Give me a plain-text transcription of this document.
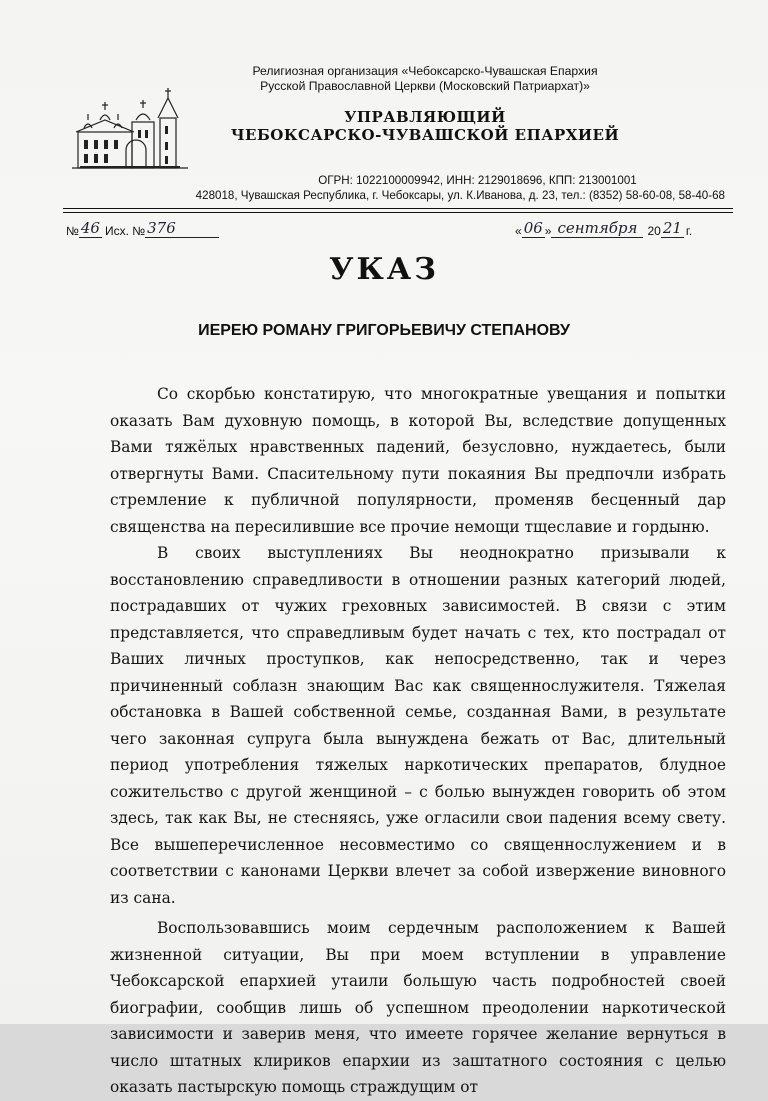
Религиозная организация «Чебоксарско-Чувашская Епархия
Русской Православной Церкви (Московский Патриархат)»
УПРАВЛЯЮЩИЙ
ЧЕБОКСАРСКО-ЧУВАШСКОЙ ЕПАРХИЕЙ
ОГРН: 1022100009942, ИНН: 2129018696, КПП: 213001001
428018, Чувашская Республика, г. Чебоксары, ул. К.Иванова, д. 23, тел.: (8352) 58-60-08, 58-40-68
№ 46 Исх. № 376	« 06 » сентября 20 21 г.
УКАЗ
ИЕРЕЮ РОМАНУ ГРИГОРЬЕВИЧУ СТЕПАНОВУ

Со скорбью констатирую, что многократные увещания и попытки оказать Вам духовную помощь, в которой Вы, вследствие допущенных Вами тяжёлых нравственных падений, безусловно, нуждаетесь, были отвергнуты Вами. Спасительному пути покаяния Вы предпочли избрать стремление к публичной популярности, променяв бесценный дар священства на пересилившие все прочие немощи тщеславие и гордыню.

В своих выступлениях Вы неоднократно призывали к восстановлению справедливости в отношении разных категорий людей, пострадавших от чужих греховных зависимостей. В связи с этим представляется, что справедливым будет начать с тех, кто пострадал от Ваших личных проступков, как непосредственно, так и через причиненный соблазн знающим Вас как священнослужителя. Тяжелая обстановка в Вашей собственной семье, созданная Вами, в результате чего законная супруга была вынуждена бежать от Вас, длительный период употребления тяжелых наркотических препаратов, блудное сожительство с другой женщиной – с болью вынужден говорить об этом здесь, так как Вы, не стесняясь, уже огласили свои падения всему свету. Все вышеперечисленное несовместимо со священнослужением и в соответствии с канонами Церкви влечет за собой извержение виновного из сана.

Воспользовавшись моим сердечным расположением к Вашей жизненной ситуации, Вы при моем вступлении в управление Чебоксарской епархией утаили большую часть подробностей своей биографии, сообщив лишь об успешном преодолении наркотической зависимости и заверив меня, что имеете горячее желание вернуться в число штатных клириков епархии из заштатного состояния с целью оказать пастырскую помощь страждущим от
